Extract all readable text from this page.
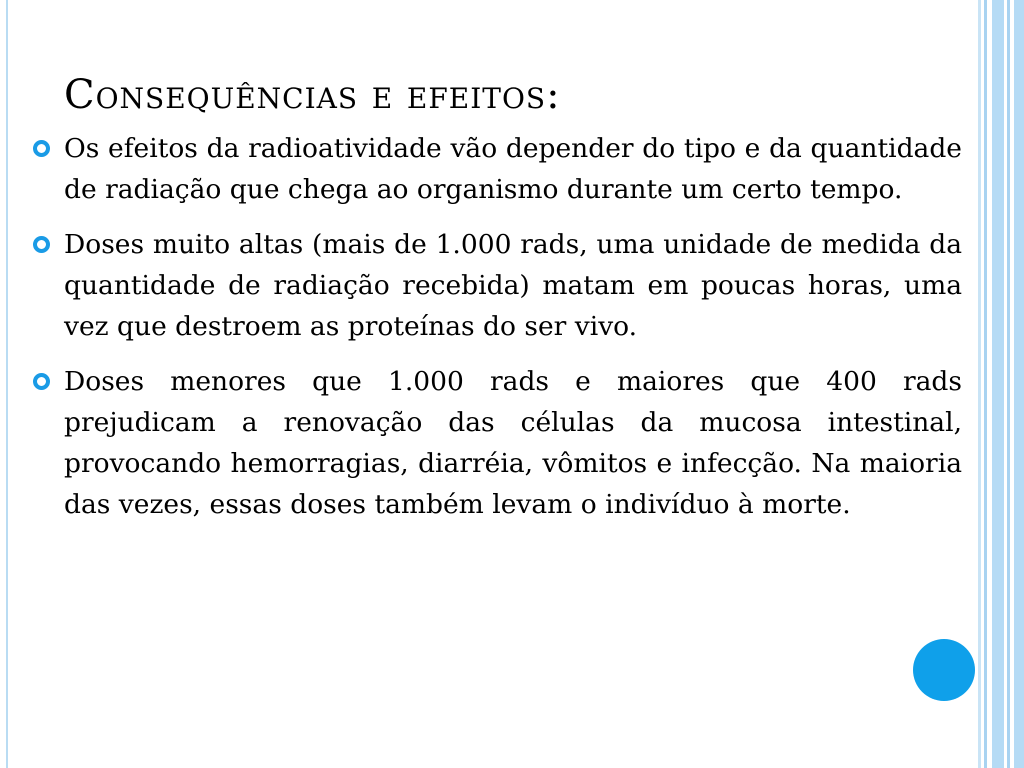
Consequências e efeitos:
Os efeitos da radioatividade vão depender do tipo e da quantidade de radiação que chega ao organismo durante um certo tempo.
Doses muito altas (mais de 1.000 rads, uma unidade de medida da quantidade de radiação recebida) matam em poucas horas, uma vez que destroem as proteínas do ser vivo.
Doses menores que 1.000 rads e maiores que 400 rads prejudicam a renovação das células da mucosa intestinal, provocando hemorragias, diarréia, vômitos e infecção. Na maioria das vezes, essas doses também levam o indivíduo à morte.
